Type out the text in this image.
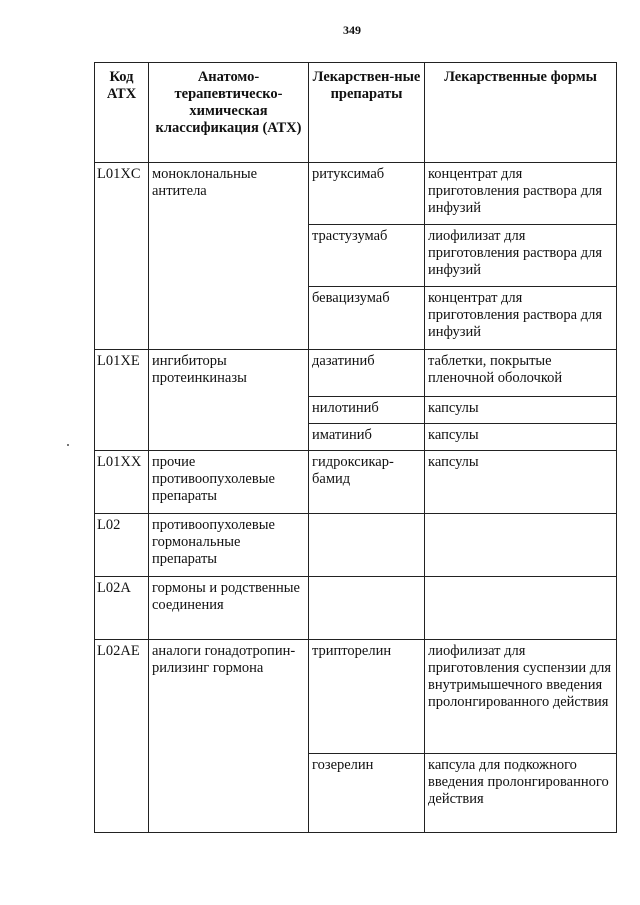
349
Код АТХ	Анатомо-терапевтическо-химическая классификация (АТХ)	Лекарствен-ные препараты	Лекарственные формы
L01XC	моноклональные антитела	ритуксимаб	концентрат для приготовления раствора для инфузий
		трастузумаб	лиофилизат для приготовления раствора для инфузий
		бевацизумаб	концентрат для приготовления раствора для инфузий
L01XE	ингибиторы протеинкиназы	дазатиниб	таблетки, покрытые пленочной оболочкой
		нилотиниб	капсулы
		иматиниб	капсулы
L01XX	прочие противоопухолевые препараты	гидроксикар-бамид	капсулы
L02	противоопухолевые гормональные препараты		
L02A	гормоны и родственные соединения		
L02AE	аналоги гонадотропин-рилизинг гормона	трипторелин	лиофилизат для приготовления суспензии для внутримышечного введения пролонгированного действия
		гозерелин	капсула для подкожного введения пролонгированного действия
